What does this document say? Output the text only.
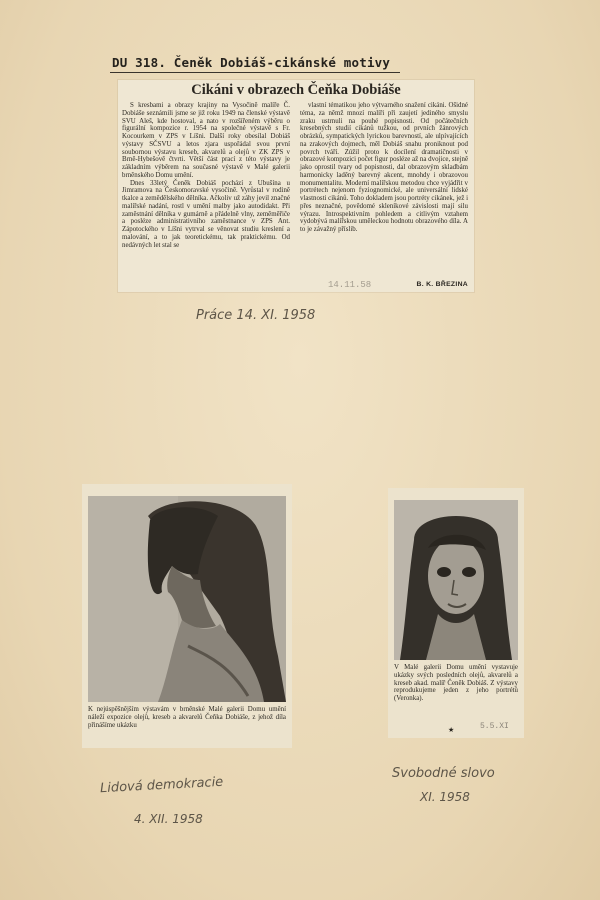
DU 318. Čeněk Dobiáš-cikánské motivy
Cikáni v obrazech Čeňka Dobiáše

S kresbami a obrazy krajiny na Vysočině malíře Č. Dobiáše seznámili jsme se již roku 1949 na členské výstavě SVU Aleš, kde hostoval, a nato v rozšířeném výběru o figurální kompozice r. 1954 na společné výstavě s Fr. Kocourkem v ZPS v Líšni. Další roky obesílal Dobiáš výstavy SČSVU a letos zjara uspořádal svou první soubornou výstavu kreseb, akvarelů a olejů v ZK ZPS v Brně-Hybešově čtvrti. Větší část prací z této výstavy je základním výběrem na současné výstavě v Malé galerii brněnského Domu umění.

Dnes 33letý Čeněk Dobiáš pochází z Ubušína u Jimramova na Českomoravské vysočině. Vyrůstal v rodině tkalce a zemědělského dělníka. Ačkoliv už záhy jevil značné malířské nadání, rostl v umění malby jako autodidakt. Při zaměstnání dělníka v gumárně a přádelně vlny, zeměměřiče a posléze administrativního zaměstnance v ZPS Ant. Zápotockého v Líšni vytrval se věnovat studiu kreslení a malování, a to jak teoretickému, tak praktickému. Od nedávných let stal se

vlastní tématikou jeho výtvarného snažení cikáni. Ošidné téma, za němž mnozí malíři při zaujetí jediného smyslu zraku ustrnuli na pouhé popisnosti. Od počátečních kresebných studií cikánů tužkou, od prvních žánrových obrázků, sympatických lyrickou barevností, ale ulpívajících na zrakových dojmech, měl Dobiáš snahu proniknout pod povrch tváří. Zúžil proto k docílení dramatičnosti v obrazové kompozici počet figur posléze až na dvojice, stejně jako oprostil tvary od popisnosti, dal obrazovým skladbám harmonicky laděný barevný akcent, mnohdy i obrazovou monumentalitu. Moderní malířskou metodou chce vyjádřit v portrétech nejenom fyziognomické, ale universální lidské vlastnosti cikánů. Toho dokladem jsou portréty cikánek, jež i přes neznačné, povědomé skleníkové závislosti mají silu výrazu. Introspektivním pohledem a citlivým vztahem vydobývá malířskou uměleckou hodnotu obrazového díla. A to je závažný příslib.

14.11.58	B. K. BŘEZINA
Práce 14. XI. 1958
K nejúspěšnějším výstavám v brněnské Malé galerii Domu umění náleží expozice olejů, kreseb a akvarelů Čeňka Dobiáše, z jehož díla přinášíme ukázku
V Malé galerii Domu umění vystavuje ukázky svých posledních olejů, akvarelů a kreseb akad. malíř Čeněk Dobiáš. Z výstavy reprodukujeme jeden z jeho portrétů (Veronka).
★	5.5.XI
Lidová demokracie
4. XII. 1958
Svobodné slovo
XI. 1958
